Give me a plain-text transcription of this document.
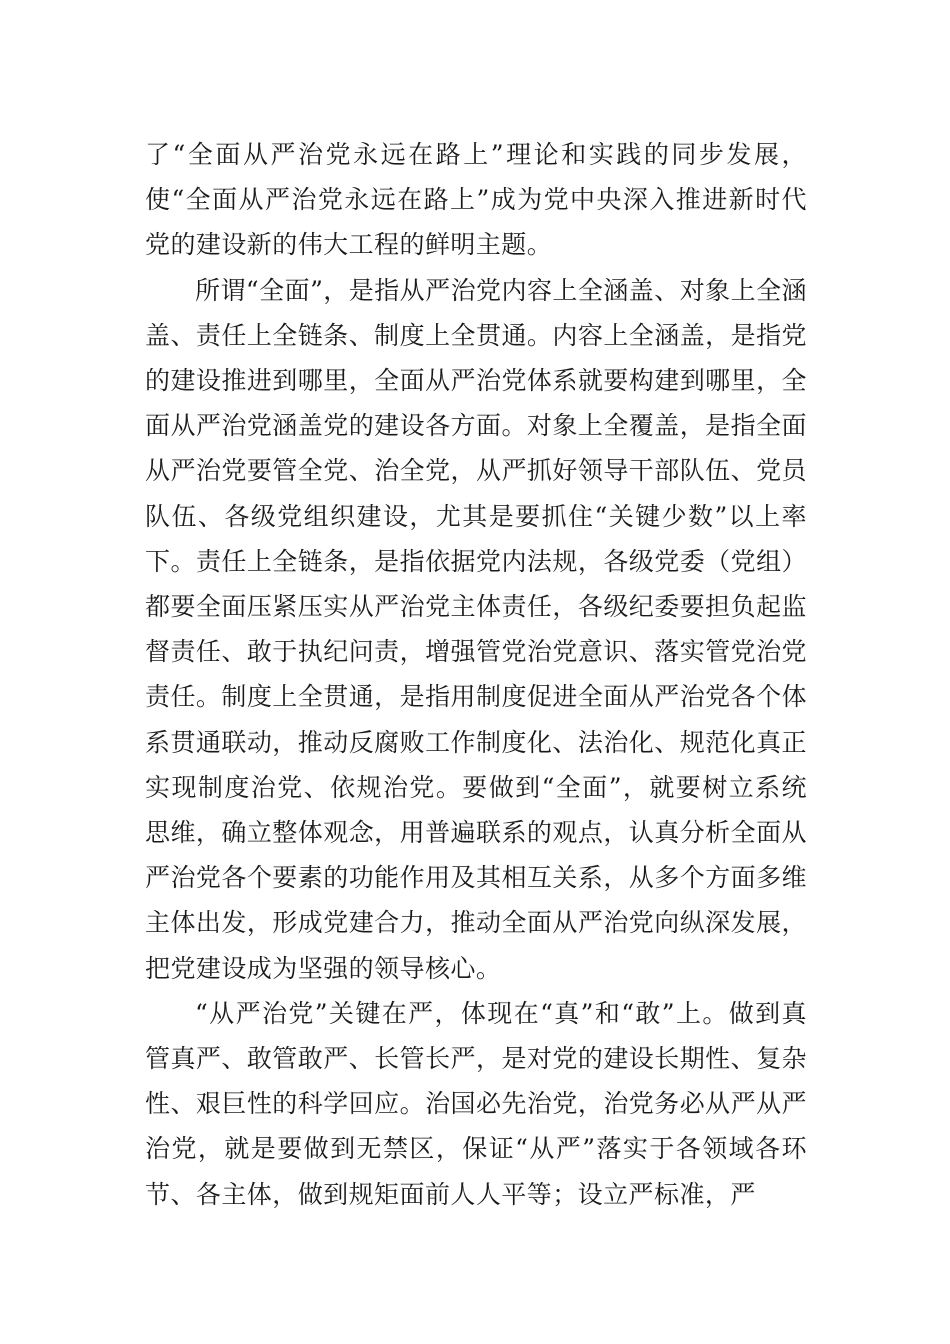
了“全面从严治党永远在路上”理论和实践的同步发展，使“全面从严治党永远在路上”成为党中央深入推进新时代党的建设新的伟大工程的鲜明主题。

所谓“全面”，是指从严治党内容上全涵盖、对象上全涵盖、责任上全链条、制度上全贯通。内容上全涵盖，是指党的建设推进到哪里，全面从严治党体系就要构建到哪里，全面从严治党涵盖党的建设各方面。对象上全覆盖，是指全面从严治党要管全党、治全党，从严抓好领导干部队伍、党员队伍、各级党组织建设，尤其是要抓住“关键少数”以上率下。责任上全链条，是指依据党内法规，各级党委（党组）都要全面压紧压实从严治党主体责任，各级纪委要担负起监督责任、敢于执纪问责，增强管党治党意识、落实管党治党责任。制度上全贯通，是指用制度促进全面从严治党各个体系贯通联动，推动反腐败工作制度化、法治化、规范化真正实现制度治党、依规治党。要做到“全面”，就要树立系统思维，确立整体观念，用普遍联系的观点，认真分析全面从严治党各个要素的功能作用及其相互关系，从多个方面多维主体出发，形成党建合力，推动全面从严治党向纵深发展，把党建设成为坚强的领导核心。

“从严治党”关键在严，体现在“真”和“敢”上。做到真管真严、敢管敢严、长管长严，是对党的建设长期性、复杂性、艰巨性的科学回应。治国必先治党，治党务必从严从严治党，就是要做到无禁区，保证“从严”落实于各领域各环节、各主体，做到规矩面前人人平等；设立严标准，严
